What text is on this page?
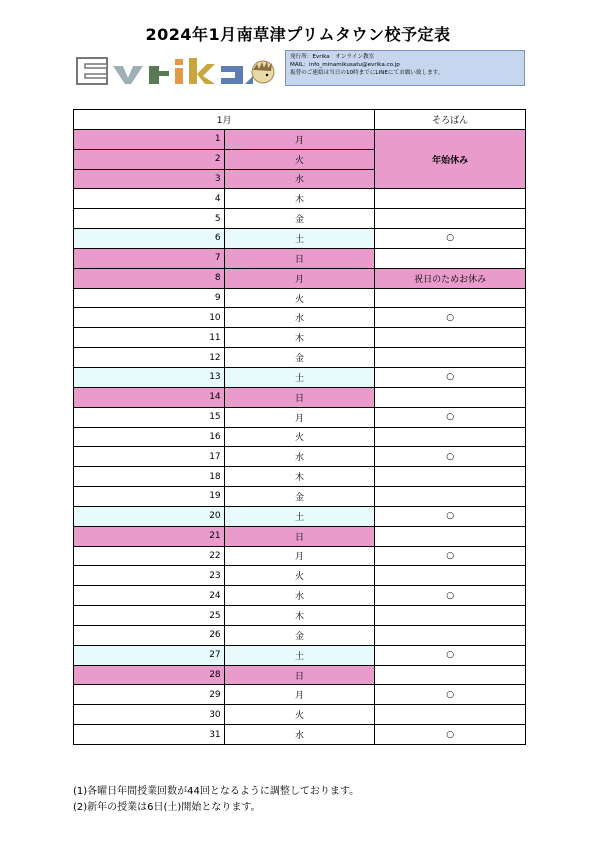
2024年1月南草津プリムタウン校予定表
発行所：Evrika　オンライン教室
MAIL：info_minamikusatu@evrika.co.jp
振替のご連絡は当日の10時までにLINEにてお願い致します。
1月		そろばん
1	月	年始休み
2	火	
3	水	
4	木	
5	金	
6	土	○
7	日	
8	月	祝日のためお休み
9	火	
10	水	○
11	木	
12	金	
13	土	○
14	日	
15	月	○
16	火	
17	水	○
18	木	
19	金	
20	土	○
21	日	
22	月	○
23	火	
24	水	○
25	木	
26	金	
27	土	○
28	日	
29	月	○
30	火	
31	水	○
(1)各曜日年間授業回数が44回となるように調整しております。
(2)新年の授業は6日(土)開始となります。
